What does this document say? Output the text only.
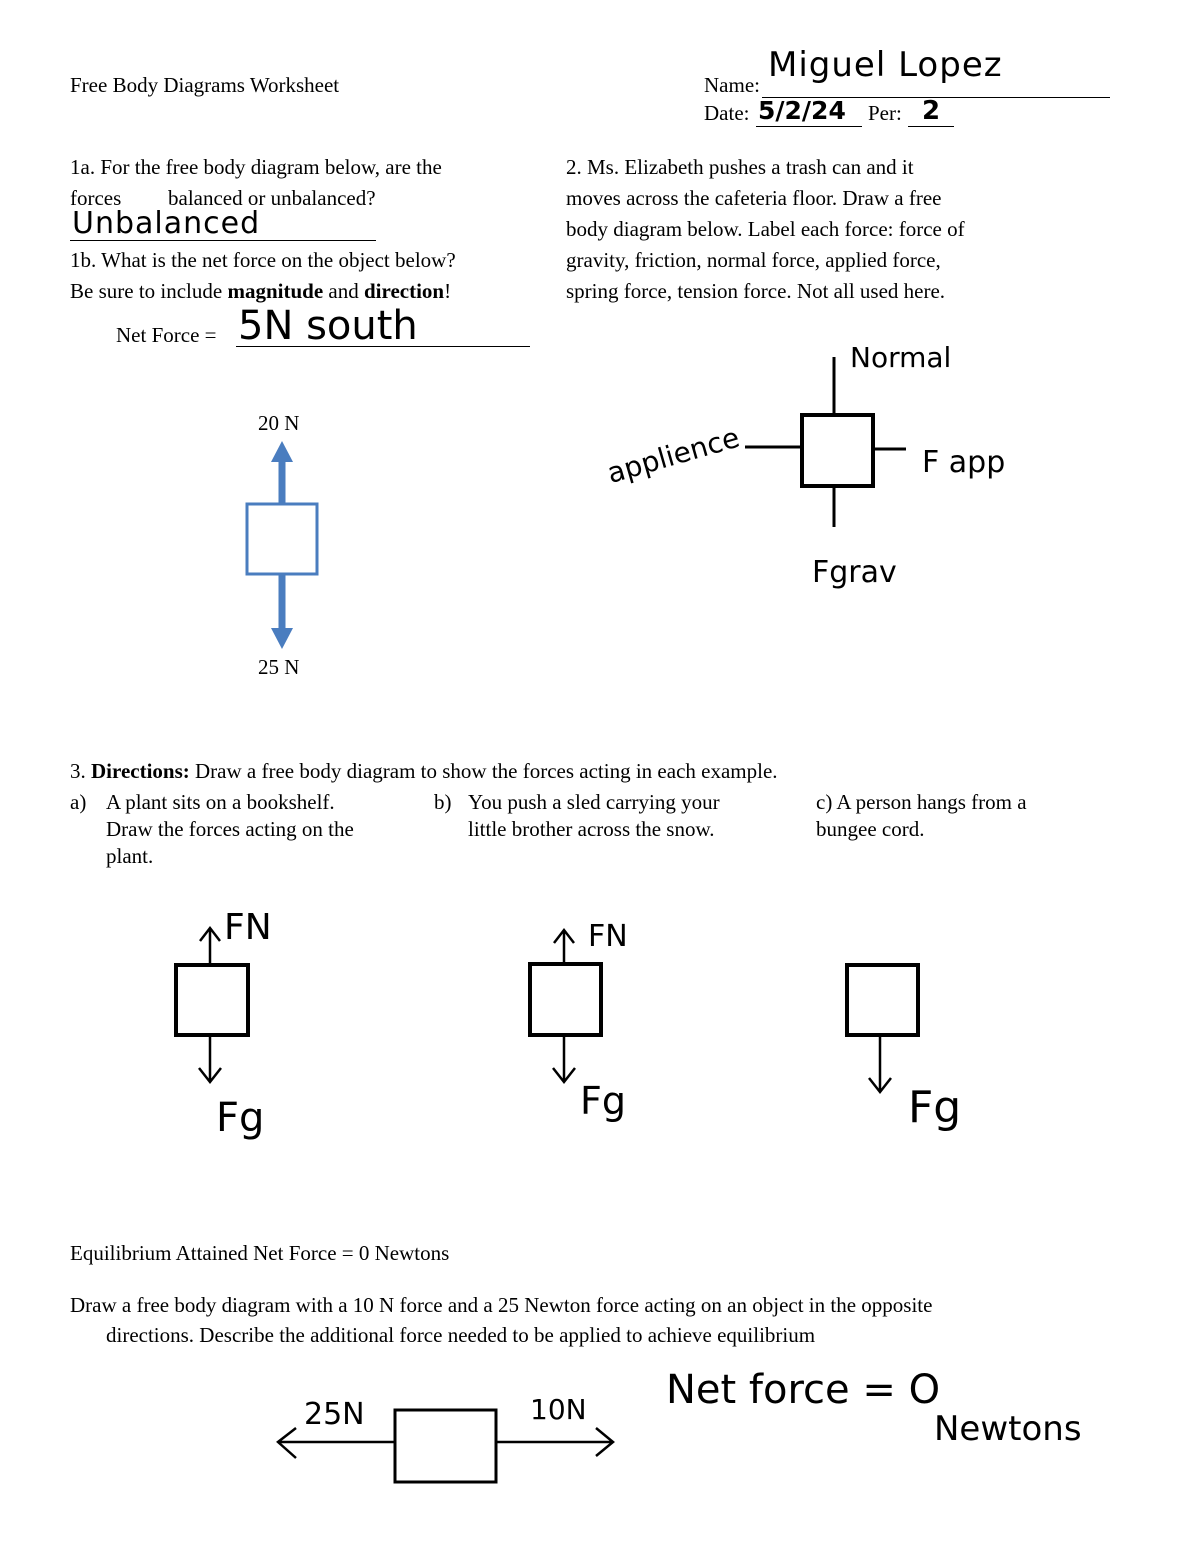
Free Body Diagrams Worksheet	Name: Miguel Lopez
Date: 5/2/24 Per: 2
1a. For the free body diagram below, are the
forces balanced or unbalanced?
Unbalanced
1b. What is the net force on the object below?
Be sure to include magnitude and direction!
Net Force = 5N south
20 N
25 N
2. Ms. Elizabeth pushes a trash can and it
moves across the cafeteria floor. Draw a free
body diagram below. Label each force: force of
gravity, friction, normal force, applied force,
spring force, tension force. Not all used here.
Normal
applience	F app
Fgrav
3. Directions: Draw a free body diagram to show the forces acting in each example.
a) A plant sits on a bookshelf.
Draw the forces acting on the
plant.
b) You push a sled carrying your
little brother across the snow.
c) A person hangs from a
bungee cord.
FN
Fg
FN
Fg	Fg
Equilibrium Attained Net Force = 0 Newtons
Draw a free body diagram with a 10 N force and a 25 Newton force acting on an object in the opposite
directions. Describe the additional force needed to be applied to achieve equilibrium
25N	10N Net force = O
Newtons
